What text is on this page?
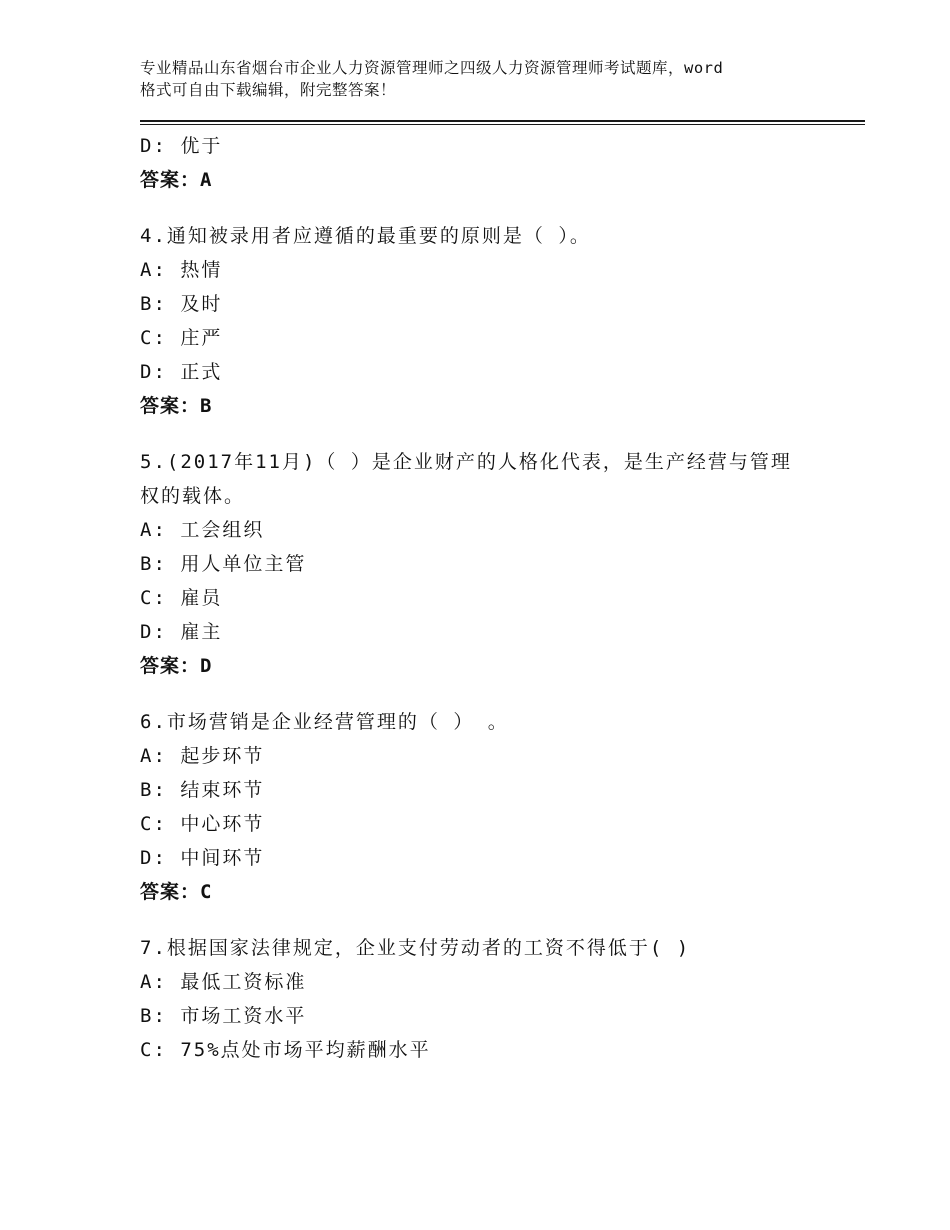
专业精品山东省烟台市企业人力资源管理师之四级人力资源管理师考试题库，word
格式可自由下载编辑，附完整答案！
D: 优于
答案：A
4.通知被录用者应遵循的最重要的原则是（ ）。
A: 热情
B: 及时
C: 庄严
D: 正式
答案：B
5.(2017年11月)（ ）是企业财产的人格化代表，是生产经营与管理
权的载体。
A: 工会组织
B: 用人单位主管
C: 雇员
D: 雇主
答案：D
6.市场营销是企业经营管理的（ ） 。
A: 起步环节
B: 结束环节
C: 中心环节
D: 中间环节
答案：C
7.根据国家法律规定，企业支付劳动者的工资不得低于( )
A: 最低工资标准
B: 市场工资水平
C: 75%点处市场平均薪酬水平
